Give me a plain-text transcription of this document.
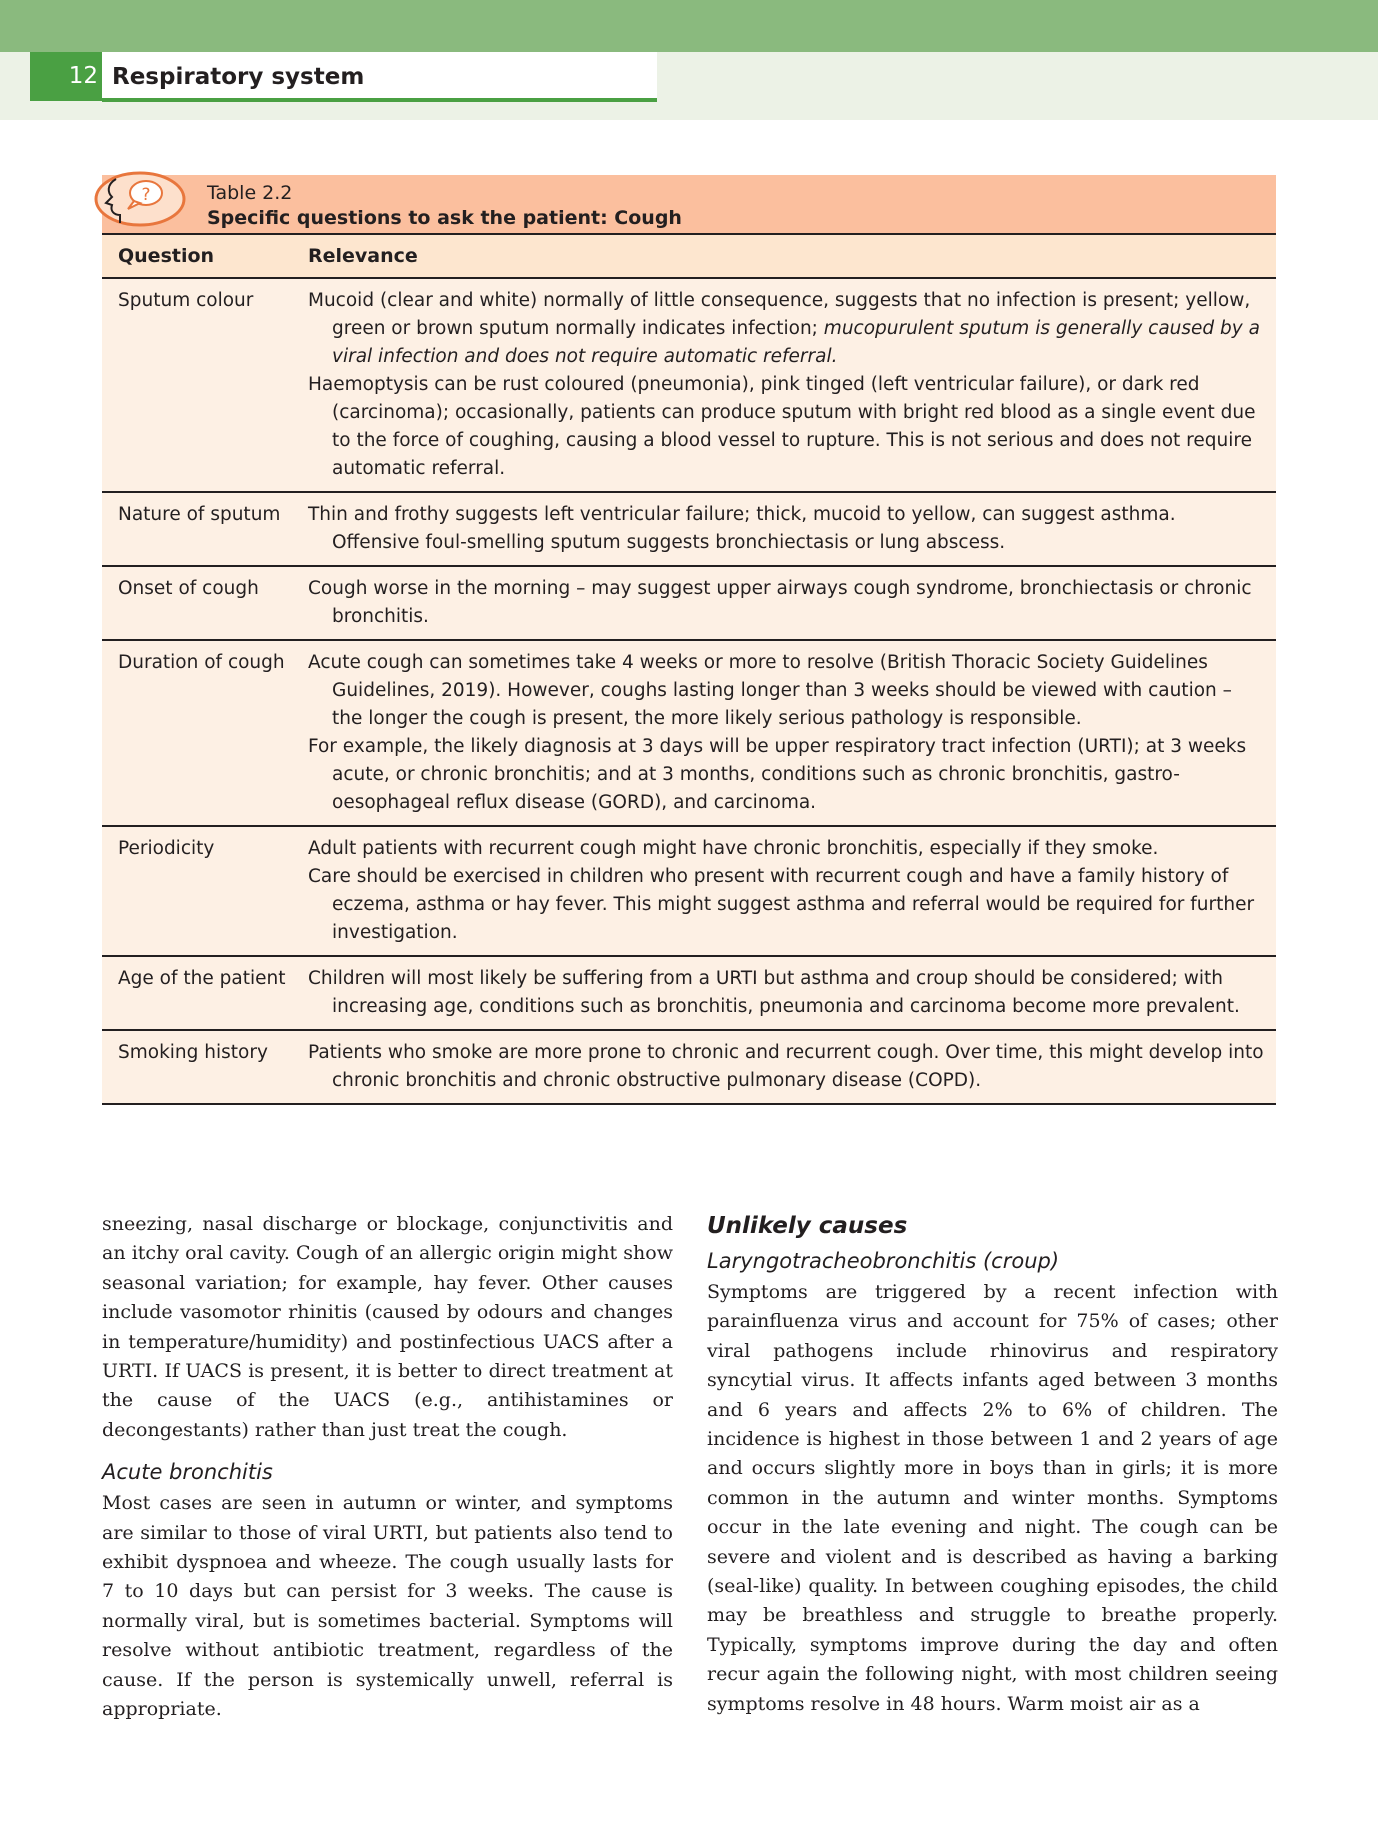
12 Respiratory system
?	Table 2.2
Specific questions to ask the patient: Cough
Question	Relevance
Sputum colour	Mucoid (clear and white) normally of little consequence, suggests that no infection is present; yellow, green or brown sputum normally indicates infection; mucopurulent sputum is generally caused by a viral infection and does not require automatic referral.

Haemoptysis can be rust coloured (pneumonia), pink tinged (left ventricular failure), or dark red (carcinoma); occasionally, patients can produce sputum with bright red blood as a single event due to the force of coughing, causing a blood vessel to rupture. This is not serious and does not require automatic referral.

Nature of sputum	Thin and frothy suggests left ventricular failure; thick, mucoid to yellow, can suggest asthma. Offensive foul-smelling sputum suggests bronchiectasis or lung abscess.

Onset of cough	Cough worse in the morning – may suggest upper airways cough syndrome, bronchiectasis or chronic bronchitis.

Duration of cough	Acute cough can sometimes take 4 weeks or more to resolve (British Thoracic Society Guidelines Guidelines, 2019). However, coughs lasting longer than 3 weeks should be viewed with caution – the longer the cough is present, the more likely serious pathology is responsible.

For example, the likely diagnosis at 3 days will be upper respiratory tract infection (URTI); at 3 weeks acute, or chronic bronchitis; and at 3 months, conditions such as chronic bronchitis, gastro-oesophageal reflux disease (GORD), and carcinoma.

Periodicity	Adult patients with recurrent cough might have chronic bronchitis, especially if they smoke.

Care should be exercised in children who present with recurrent cough and have a family history of eczema, asthma or hay fever. This might suggest asthma and referral would be required for further investigation.

Age of the patient	Children will most likely be suffering from a URTI but asthma and croup should be considered; with increasing age, conditions such as bronchitis, pneumonia and carcinoma become more prevalent.

Smoking history	Patients who smoke are more prone to chronic and recurrent cough. Over time, this might develop into chronic bronchitis and chronic obstructive pulmonary disease (COPD).

sneezing, nasal discharge or blockage, conjunctivitis and an itchy oral cavity. Cough of an allergic origin might show seasonal variation; for example, hay fever. Other causes include vasomotor rhinitis (caused by odours and changes in temperature/humidity) and postinfectious UACS after a URTI. If UACS is present, it is better to direct treatment at the cause of the UACS (e.g., antihistamines or decongestants) rather than just treat the cough.

Acute bronchitis

Most cases are seen in autumn or winter, and symptoms are similar to those of viral URTI, but patients also tend to exhibit dyspnoea and wheeze. The cough usually lasts for 7 to 10 days but can persist for 3 weeks. The cause is normally viral, but is sometimes bacterial. Symptoms will resolve without antibiotic treatment, regardless of the cause. If the person is systemically unwell, referral is appropriate.

Unlikely causes
Laryngotracheobronchitis (croup)

Symptoms are triggered by a recent infection with parainfluenza virus and account for 75% of cases; other viral pathogens include rhinovirus and respiratory syncytial virus. It affects infants aged between 3 months and 6 years and affects 2% to 6% of children. The incidence is highest in those between 1 and 2 years of age and occurs slightly more in boys than in girls; it is more common in the autumn and winter months. Symptoms occur in the late evening and night. The cough can be severe and violent and is described as having a barking (seal-like) quality. In between coughing episodes, the child may be breathless and struggle to breathe properly. Typically, symptoms improve during the day and often recur again the following night, with most children seeing symptoms resolve in 48 hours. Warm moist air as a
